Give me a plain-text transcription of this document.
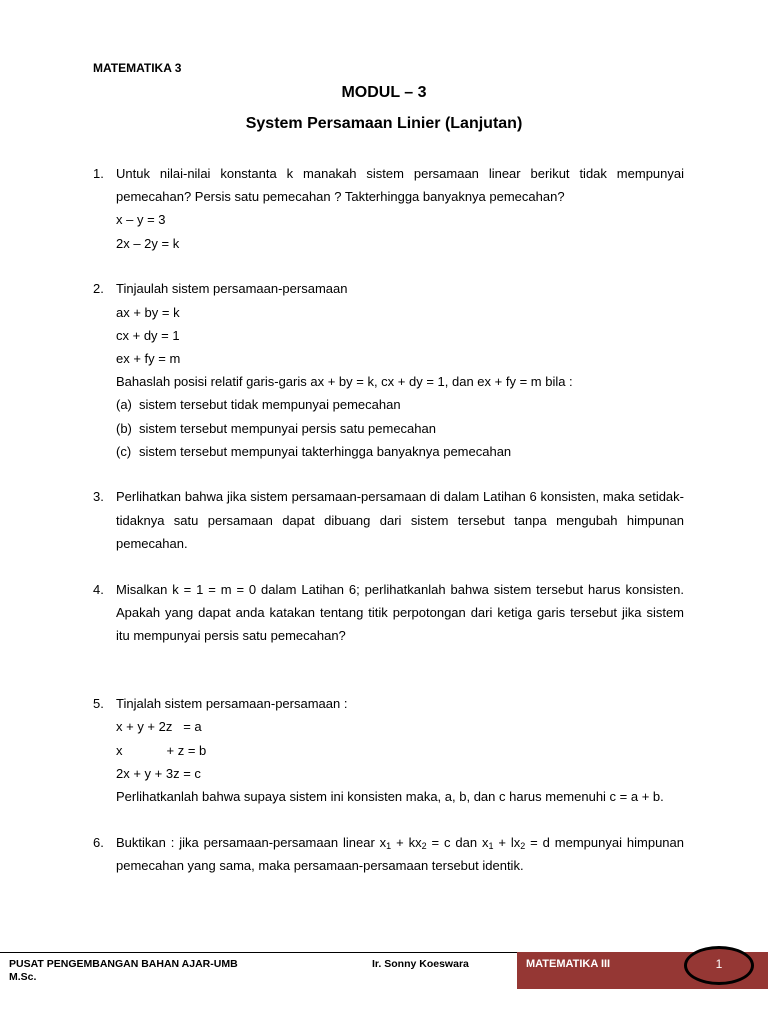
MATEMATIKA 3
MODUL – 3
System Persamaan Linier (Lanjutan)
1. Untuk nilai-nilai konstanta k manakah sistem persamaan linear berikut tidak mempunyai pemecahan? Persis satu pemecahan ? Takterhingga banyaknya pemecahan?
x – y = 3
2x – 2y = k
2. Tinjaulah sistem persamaan-persamaan
ax + by = k
cx + dy = 1
ex + fy = m
Bahaslah posisi relatif garis-garis ax + by = k, cx + dy = 1, dan ex + fy = m bila :
(a) sistem tersebut tidak mempunyai pemecahan
(b) sistem tersebut mempunyai persis satu pemecahan
(c) sistem tersebut mempunyai takterhingga banyaknya pemecahan
3. Perlihatkan bahwa jika sistem persamaan-persamaan di dalam Latihan 6 konsisten, maka setidak-tidaknya satu persamaan dapat dibuang dari sistem tersebut tanpa mengubah himpunan pemecahan.
4. Misalkan k = 1 = m = 0 dalam Latihan 6; perlihatkanlah bahwa sistem tersebut harus konsisten. Apakah yang dapat anda katakan tentang titik perpotongan dari ketiga garis tersebut jika sistem itu mempunyai persis satu pemecahan?
5. Tinjalah sistem persamaan-persamaan :
x + y + 2z = a
x	+ z = b
2x + y + 3z = c
Perlihatkanlah bahwa supaya sistem ini konsisten maka, a, b, dan c harus memenuhi c = a + b.
6. Buktikan : jika persamaan-persamaan linear $x_1 + kx_2 = c$ dan $x_1 + lx_2 = d$ mempunyai himpunan pemecahan yang sama, maka persamaan-persamaan tersebut identik.
PUSAT PENGEMBANGAN BAHAN AJAR-UMB
M.Sc.
Ir. Sonny Koeswara	MATEMATIKA III	1
